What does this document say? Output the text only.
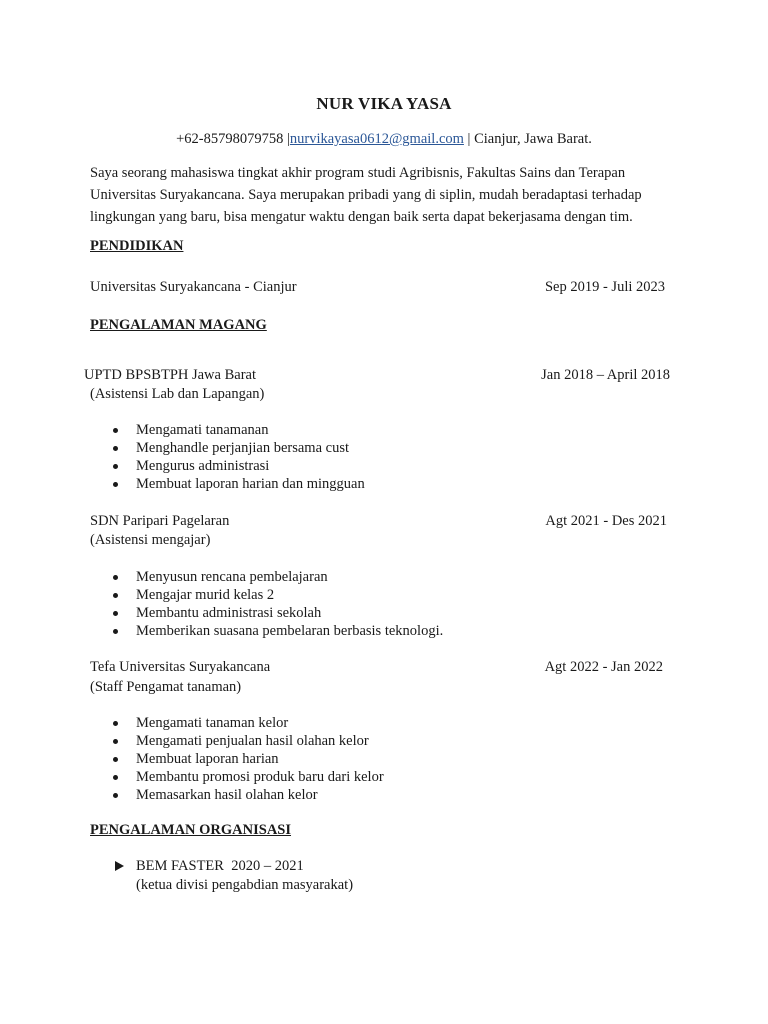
NUR VIKA YASA
+62-85798079758 |nurvikayasa0612@gmail.com | Cianjur, Jawa Barat.
Saya seorang mahasiswa tingkat akhir program studi Agribisnis, Fakultas Sains dan Terapan Universitas Suryakancana. Saya merupakan pribadi yang di siplin, mudah beradaptasi terhadap lingkungan yang baru, bisa mengatur waktu dengan baik serta dapat bekerjasama dengan tim.
PENDIDIKAN
Universitas Suryakancana - Cianjur	Sep 2019 - Juli 2023
PENGALAMAN MAGANG
UPTD BPSBTPH Jawa Barat	Jan 2018 – April 2018
(Asistensi Lab dan Lapangan)
Mengamati tanamanan
Menghandle perjanjian bersama cust
Mengurus administrasi
Membuat laporan harian dan mingguan
SDN Paripari Pagelaran	Agt 2021 - Des 2021
(Asistensi mengajar)
Menyusun rencana pembelajaran
Mengajar murid kelas 2
Membantu administrasi sekolah
Memberikan suasana pembelaran berbasis teknologi.
Tefa Universitas Suryakancana	Agt 2022 - Jan 2022
(Staff Pengamat tanaman)
Mengamati tanaman kelor
Mengamati penjualan hasil olahan kelor
Membuat laporan harian
Membantu promosi produk baru dari kelor
Memasarkan hasil olahan kelor
PENGALAMAN ORGANISASI
BEM FASTER  2020 – 2021
(ketua divisi pengabdian masyarakat)
